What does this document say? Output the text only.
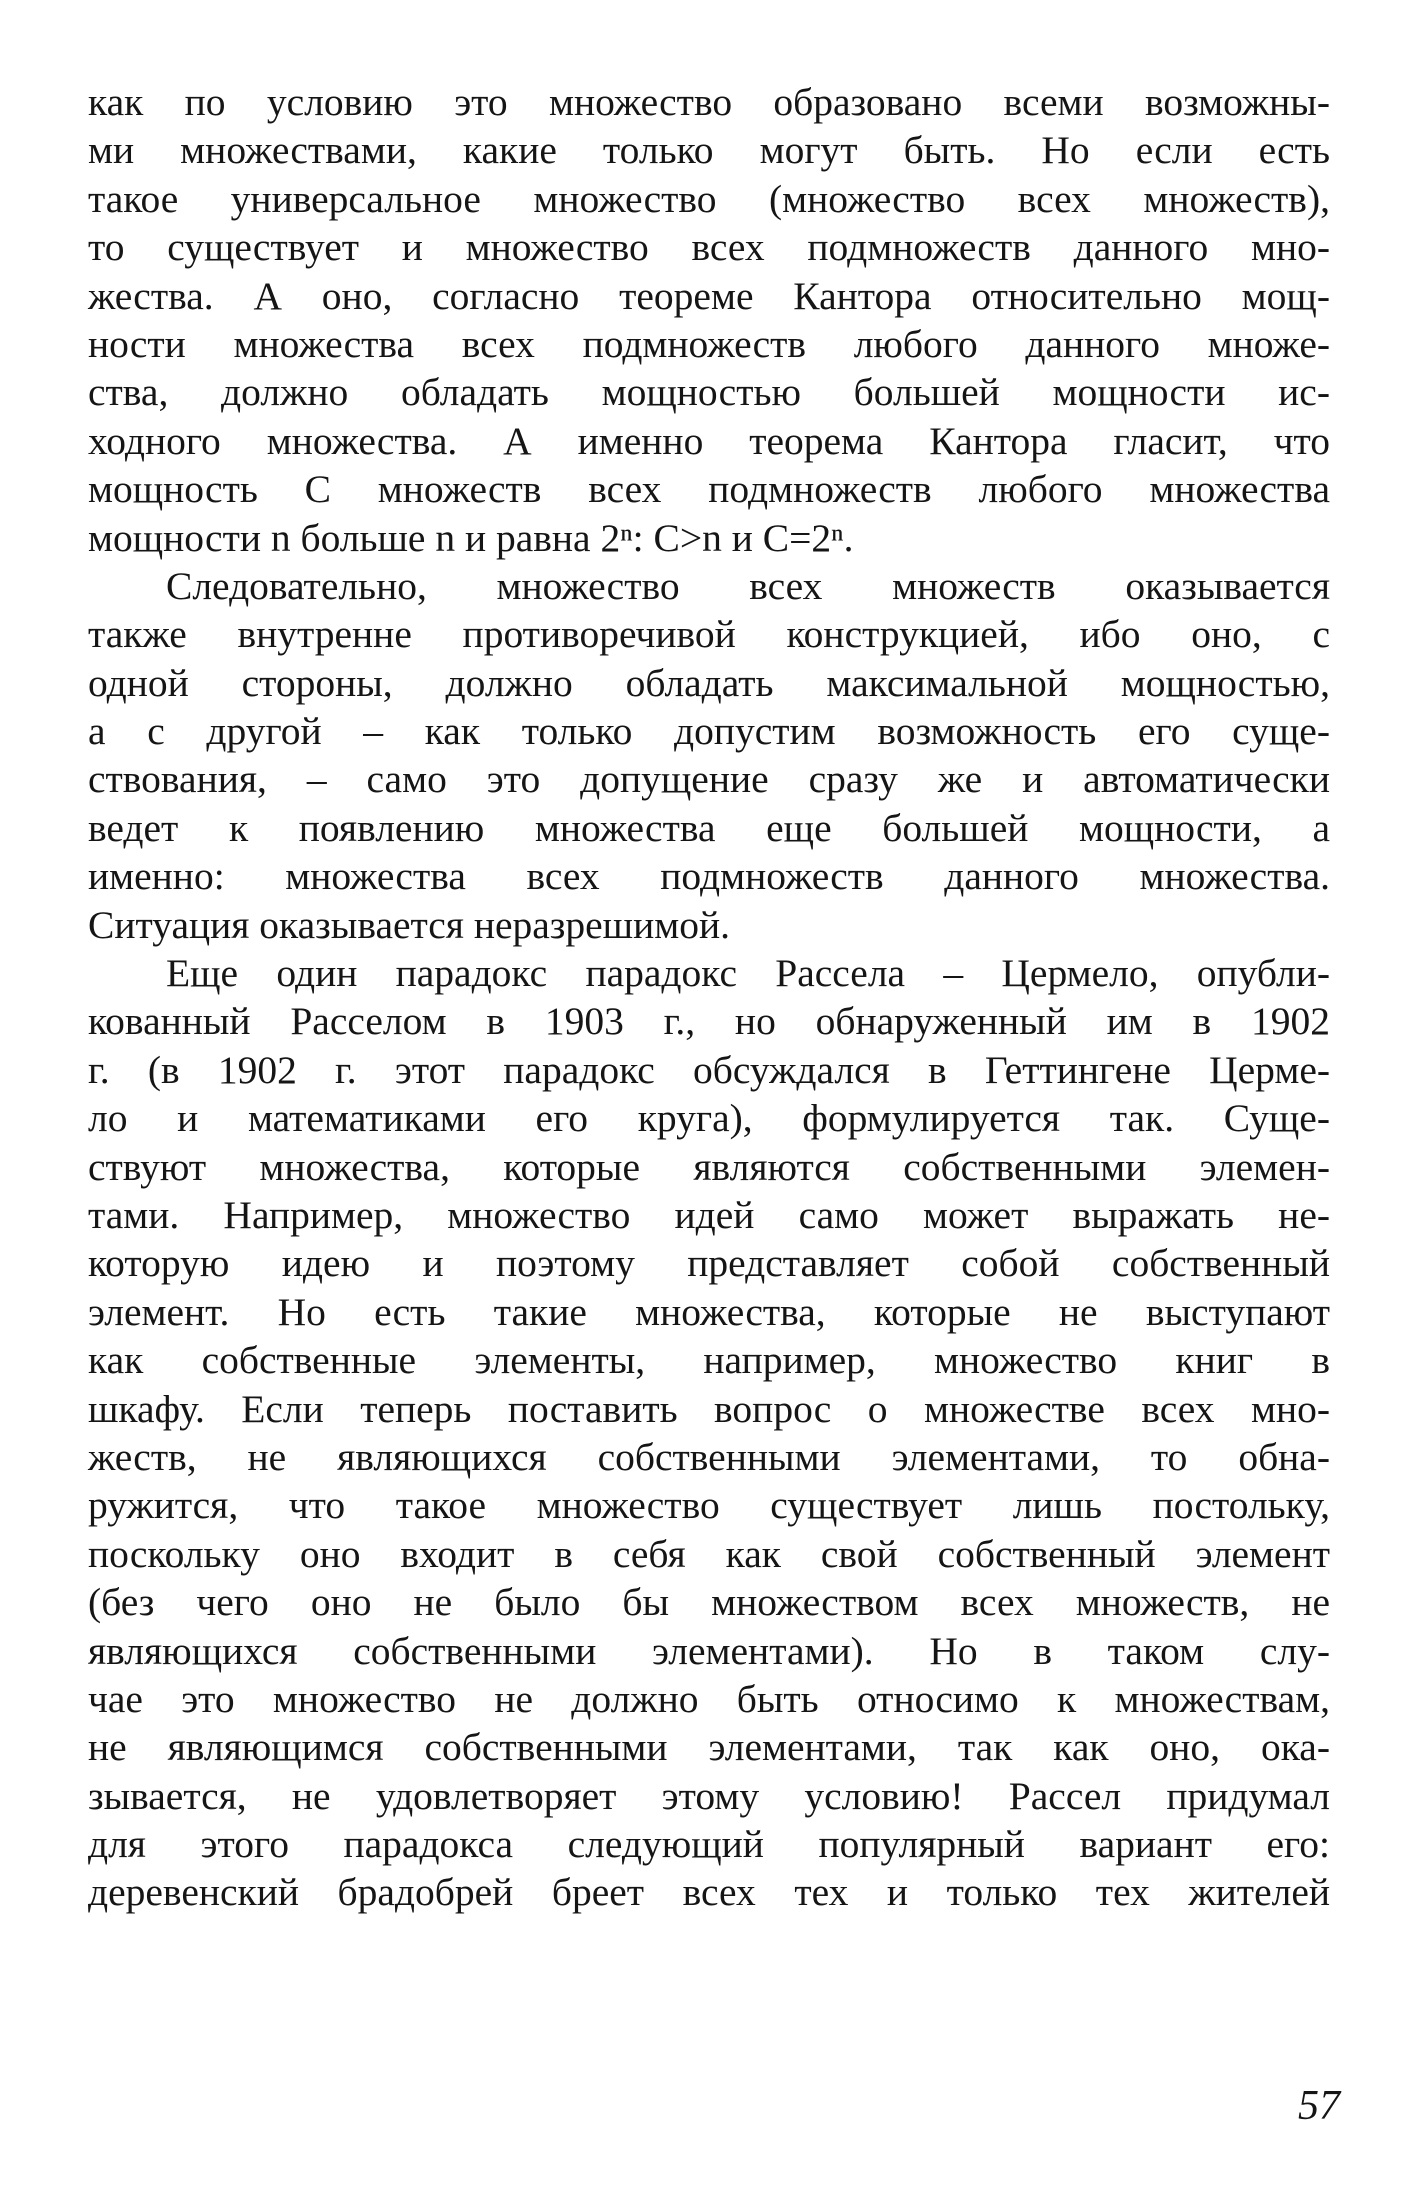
как по условию это множество образовано всеми возможны-
ми множествами, какие только могут быть. Но если есть
такое универсальное множество (множество всех множеств),
то существует и множество всех подмножеств данного мно-
жества. А оно, согласно теореме Кантора относительно мощ-
ности множества всех подмножеств любого данного множе-
ства, должно обладать мощностью большей мощности ис-
ходного множества. А именно теорема Кантора гласит, что
мощность С множеств всех подмножеств любого множества
мощности n больше n и равна 2ⁿ: С>n и С=2ⁿ.
Следовательно, множество всех множеств оказывается
также внутренне противоречивой конструкцией, ибо оно, с
одной стороны, должно обладать максимальной мощностью,
а с другой – как только допустим возможность его суще-
ствования, – само это допущение сразу же и автоматически
ведет к появлению множества еще большей мощности, а
именно: множества всех подмножеств данного множества.
Ситуация оказывается неразрешимой.
Еще один парадокс парадокс Рассела – Цермело, опубли-
кованный Расселом в 1903 г., но обнаруженный им в 1902
г. (в 1902 г. этот парадокс обсуждался в Геттингене Церме-
ло и математиками его круга), формулируется так. Суще-
ствуют множества, которые являются собственными элемен-
тами. Например, множество идей само может выражать не-
которую идею и поэтому представляет собой собственный
элемент. Но есть такие множества, которые не выступают
как собственные элементы, например, множество книг в
шкафу. Если теперь поставить вопрос о множестве всех мно-
жеств, не являющихся собственными элементами, то обна-
ружится, что такое множество существует лишь постольку,
поскольку оно входит в себя как свой собственный элемент
(без чего оно не было бы множеством всех множеств, не
являющихся собственными элементами). Но в таком слу-
чае это множество не должно быть относимо к множествам,
не являющимся собственными элементами, так как оно, ока-
зывается, не удовлетворяет этому условию! Рассел придумал
для этого парадокса следующий популярный вариант его:
деревенский брадобрей бреет всех тех и только тех жителей
57
